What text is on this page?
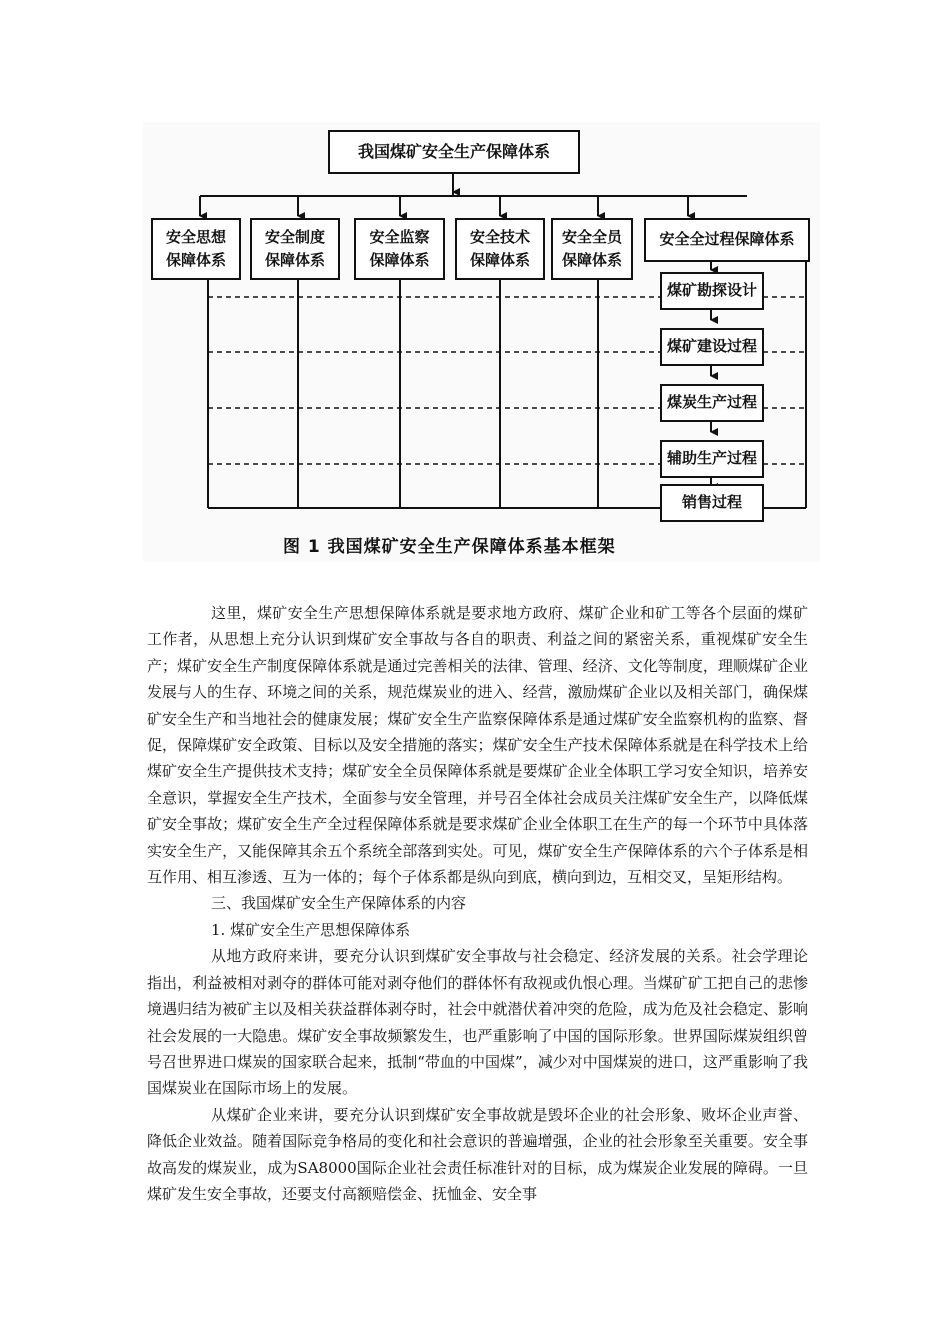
我国煤矿安全生产保障体系
安全思想
保障体系
安全制度
保障体系
安全监察
保障体系
安全技术
保障体系
安全全员
保障体系
安全全过程保障体系
煤矿勘探设计
煤矿建设过程
煤炭生产过程
辅助生产过程
销售过程
图 1 我国煤矿安全生产保障体系基本框架

这里，煤矿安全生产思想保障体系就是要求地方政府、煤矿企业和矿工等各个层面的煤矿工作者，从思想上充分认识到煤矿安全事故与各自的职责、利益之间的紧密关系，重视煤矿安全生产；煤矿安全生产制度保障体系就是通过完善相关的法律、管理、经济、文化等制度，理顺煤矿企业发展与人的生存、环境之间的关系，规范煤炭业的进入、经营，激励煤矿企业以及相关部门，确保煤矿安全生产和当地社会的健康发展；煤矿安全生产监察保障体系是通过煤矿安全监察机构的监察、督促，保障煤矿安全政策、目标以及安全措施的落实；煤矿安全生产技术保障体系就是在科学技术上给煤矿安全生产提供技术支持；煤矿安全全员保障体系就是要煤矿企业全体职工学习安全知识，培养安全意识，掌握安全生产技术，全面参与安全管理，并号召全体社会成员关注煤矿安全生产，以降低煤矿安全事故；煤矿安全生产全过程保障体系就是要求煤矿企业全体职工在生产的每一个环节中具体落实安全生产，又能保障其余五个系统全部落到实处。可见，煤矿安全生产保障体系的六个子体系是相互作用、相互渗透、互为一体的；每个子体系都是纵向到底，横向到边，互相交叉，呈矩形结构。

三、我国煤矿安全生产保障体系的内容

1. 煤矿安全生产思想保障体系

从地方政府来讲，要充分认识到煤矿安全事故与社会稳定、经济发展的关系。社会学理论指出，利益被相对剥夺的群体可能对剥夺他们的群体怀有敌视或仇恨心理。当煤矿矿工把自己的悲惨境遇归结为被矿主以及相关获益群体剥夺时，社会中就潜伏着冲突的危险，成为危及社会稳定、影响社会发展的一大隐患。煤矿安全事故频繁发生，也严重影响了中国的国际形象。世界国际煤炭组织曾号召世界进口煤炭的国家联合起来，抵制“带血的中国煤”，减少对中国煤炭的进口，这严重影响了我国煤炭业在国际市场上的发展。

从煤矿企业来讲，要充分认识到煤矿安全事故就是毁坏企业的社会形象、败坏企业声誉、降低企业效益。随着国际竞争格局的变化和社会意识的普遍增强，企业的社会形象至关重要。安全事故高发的煤炭业，成为SA8000国际企业社会责任标准针对的目标，成为煤炭企业发展的障碍。一旦煤矿发生安全事故，还要支付高额赔偿金、抚恤金、安全事
